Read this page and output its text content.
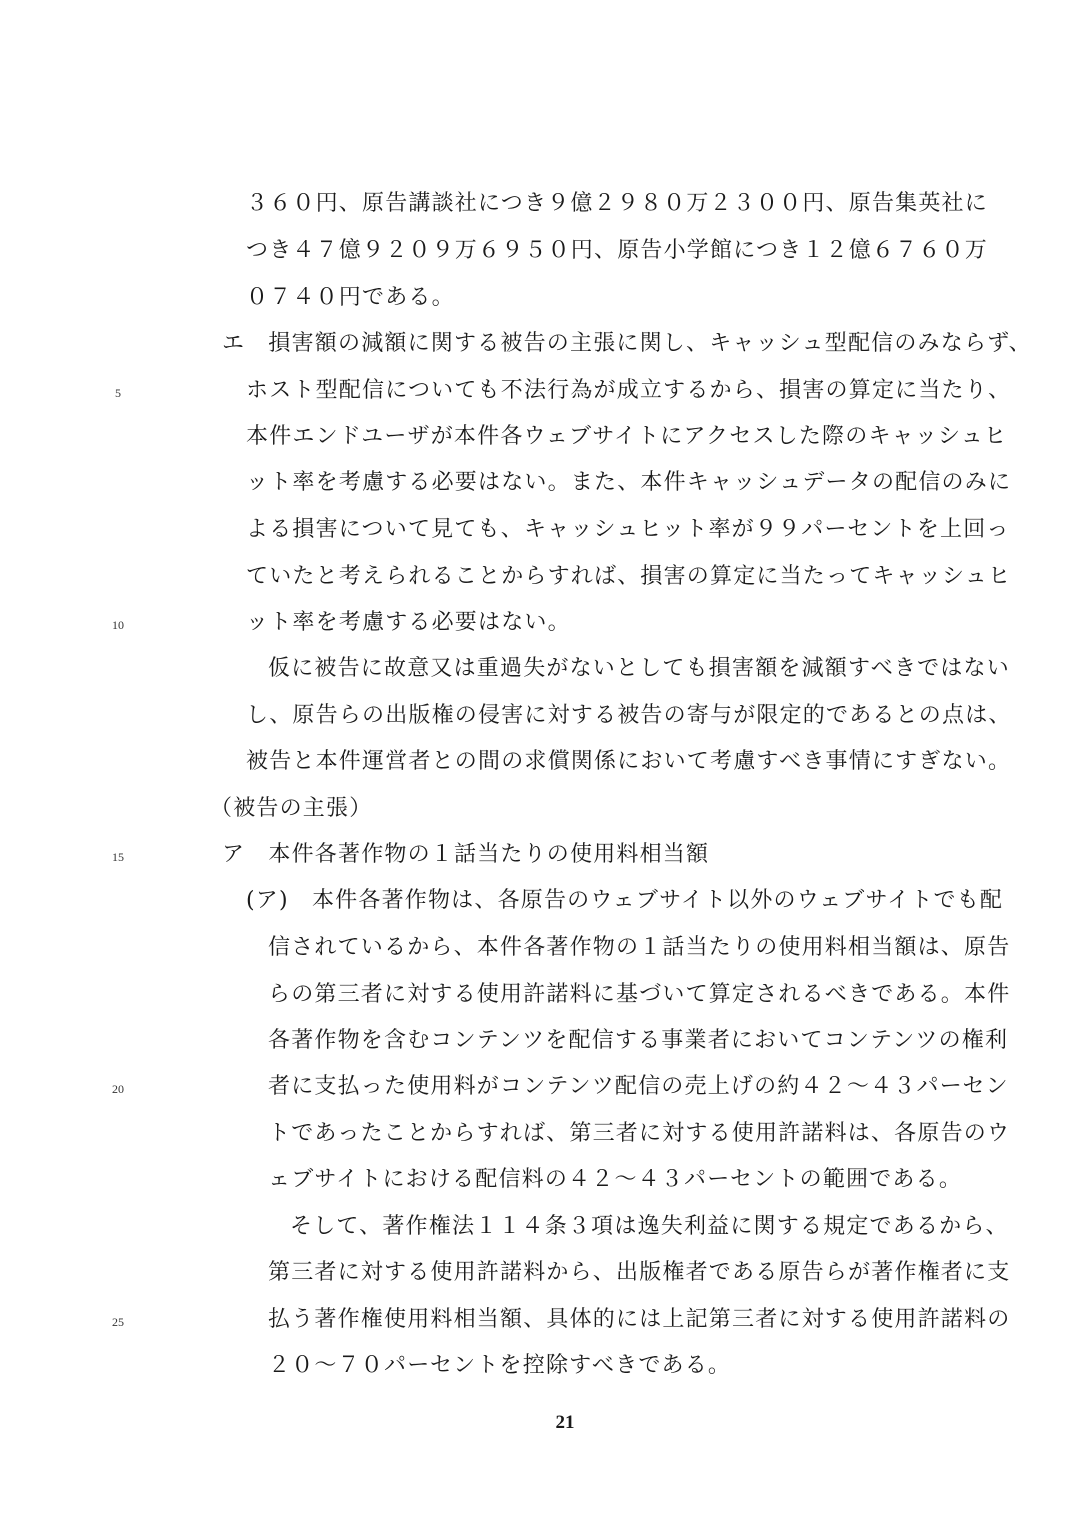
３６０円、原告講談社につき９億２９８０万２３００円、原告集英社に
つき４７億９２０９万６９５０円、原告小学館につき１２億６７６０万
０７４０円である。
エ　損害額の減額に関する被告の主張に関し、キャッシュ型配信のみならず、
ホスト型配信についても不法行為が成立するから、損害の算定に当たり、
本件エンドユーザが本件各ウェブサイトにアクセスした際のキャッシュヒ
ット率を考慮する必要はない。また、本件キャッシュデータの配信のみに
よる損害について見ても、キャッシュヒット率が９９パーセントを上回っ
ていたと考えられることからすれば、損害の算定に当たってキャッシュヒ
ット率を考慮する必要はない。
仮に被告に故意又は重過失がないとしても損害額を減額すべきではない
し、原告らの出版権の侵害に対する被告の寄与が限定的であるとの点は、
被告と本件運営者との間の求償関係において考慮すべき事情にすぎない。
（被告の主張）
ア　本件各著作物の１話当たりの使用料相当額
(ア)　本件各著作物は、各原告のウェブサイト以外のウェブサイトでも配
信されているから、本件各著作物の１話当たりの使用料相当額は、原告
らの第三者に対する使用許諾料に基づいて算定されるべきである。本件
各著作物を含むコンテンツを配信する事業者においてコンテンツの権利
者に支払った使用料がコンテンツ配信の売上げの約４２～４３パーセン
トであったことからすれば、第三者に対する使用許諾料は、各原告のウ
ェブサイトにおける配信料の４２～４３パーセントの範囲である。
そして、著作権法１１４条３項は逸失利益に関する規定であるから、
第三者に対する使用許諾料から、出版権者である原告らが著作権者に支
払う著作権使用料相当額、具体的には上記第三者に対する使用許諾料の
２０～７０パーセントを控除すべきである。
5
10
15
20
25
21
